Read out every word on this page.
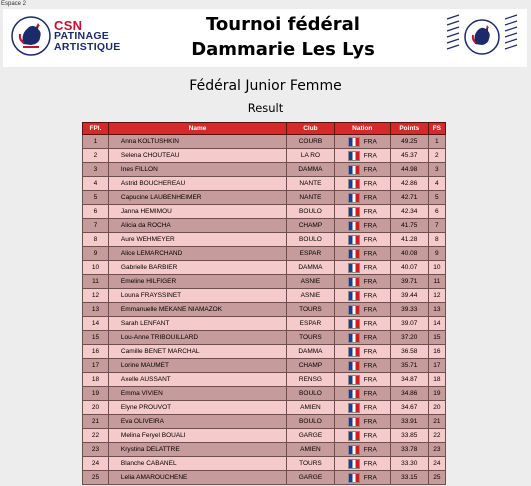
Espace 2
CSN
PATINAGE
ARTISTIQUE
Tournoi fédéral
Dammarie Les Lys
Fédéral Junior Femme
Result
FPl.	Name	Club	Nation	Points	FS
1	Anna KOLTUSHKIN	COURB	FRA	49.25	1
2	Selena CHOUTEAU	LA RO	FRA	45.37	2
3	Ines FILLON	DAMMA	FRA	44.98	3
4	Astrid BOUCHEREAU	NANTE	FRA	42.86	4
5	Capucine LAUBENHEIMER	NANTE	FRA	42.71	5
6	Janna HEMIMOU	BOULO	FRA	42.34	6
7	Alicia da ROCHA	CHAMP	FRA	41.75	7
8	Aure WEHMEYER	BOULO	FRA	41.28	8
9	Alice LEMARCHAND	ESPAR	FRA	40.08	9
10	Gabrielle BARBIER	DAMMA	FRA	40.07	10
11	Emeline HILFIGER	ASNIE	FRA	39.71	11
12	Louna FRAYSSINET	ASNIE	FRA	39.44	12
13	Emmanuelle MEKANE NIAMAZOK	TOURS	FRA	39.33	13
14	Sarah LENFANT	ESPAR	FRA	39.07	14
15	Lou-Anne TRIBOUILLARD	TOURS	FRA	37.20	15
16	Camille BENET MARCHAL	DAMMA	FRA	36.58	16
17	Lorine MAUMET	CHAMP	FRA	35.71	17
18	Axelle AUSSANT	RENSG	FRA	34.87	18
19	Emma VIVIEN	BOULO	FRA	34.86	19
20	Elyne PROUVOT	AMIEN	FRA	34.67	20
21	Eva OLIVEIRA	BOULO	FRA	33.91	21
22	Melina Feryel BOUALI	GARGE	FRA	33.85	22
23	Krystina DELATTRE	AMIEN	FRA	33.78	23
24	Blanche CABANEL	TOURS	FRA	33.30	24
25	Lelia AMAROUCHENE	GARGE	FRA	33.15	25
